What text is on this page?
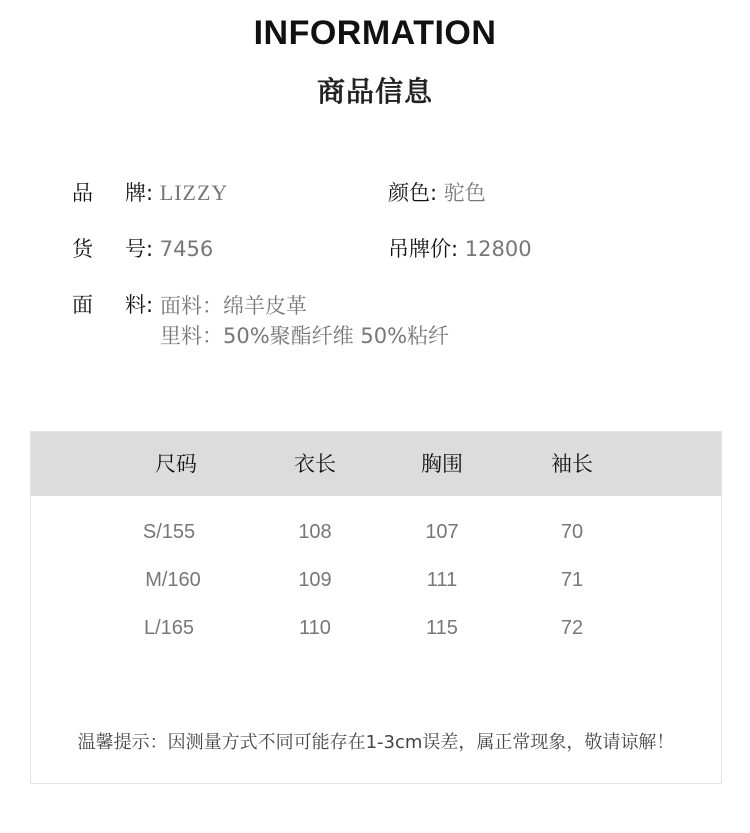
INFORMATION
商品信息
品 牌: LIZZY	颜色: 驼色
货 号: 7456	吊牌价: 12800
面 料: 面料：绵羊皮革
里料：50%聚酯纤维 50%粘纤
尺码	衣长	胸围	袖长
S/155	108	107	70
M/160	109	111	71
L/165	110	115	72
温馨提示：因测量方式不同可能存在1-3cm误差，属正常现象，敬请谅解！
